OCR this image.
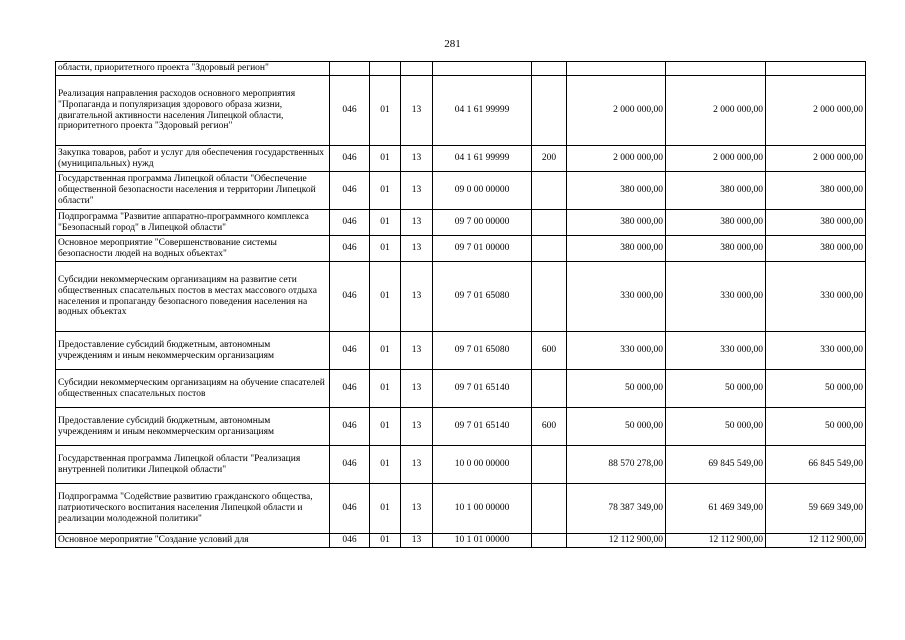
281
области, приоритетного проекта "Здоровый регион"								
Реализация направления расходов основного мероприятия "Пропаганда и популяризация здорового образа жизни, двигательной активности населения Липецкой области, приоритетного проекта "Здоровый регион"	046	01	13	04 1 61 99999		2 000 000,00	2 000 000,00	2 000 000,00
Закупка товаров, работ и услуг для обеспечения государственных (муниципальных) нужд	046	01	13	04 1 61 99999	200	2 000 000,00	2 000 000,00	2 000 000,00
Государственная программа Липецкой области "Обеспечение общественной безопасности населения и территории Липецкой области"	046	01	13	09 0 00 00000		380 000,00	380 000,00	380 000,00
Подпрограмма "Развитие аппаратно-программного комплекса "Безопасный город" в Липецкой области"	046	01	13	09 7 00 00000		380 000,00	380 000,00	380 000,00
Основное мероприятие "Совершенствование системы безопасности людей на водных объектах"	046	01	13	09 7 01 00000		380 000,00	380 000,00	380 000,00
Субсидии некоммерческим организациям на развитие сети общественных спасательных постов в местах массового отдыха населения и пропаганду безопасного поведения населения на водных объектах	046	01	13	09 7 01 65080		330 000,00	330 000,00	330 000,00
Предоставление субсидий бюджетным, автономным учреждениям и иным некоммерческим организациям	046	01	13	09 7 01 65080	600	330 000,00	330 000,00	330 000,00
Субсидии некоммерческим организациям на обучение спасателей общественных спасательных постов	046	01	13	09 7 01 65140		50 000,00	50 000,00	50 000,00
Предоставление субсидий бюджетным, автономным учреждениям и иным некоммерческим организациям	046	01	13	09 7 01 65140	600	50 000,00	50 000,00	50 000,00
Государственная программа Липецкой области "Реализация внутренней политики Липецкой области"	046	01	13	10 0 00 00000		88 570 278,00	69 845 549,00	66 845 549,00
Подпрограмма "Содействие развитию гражданского общества, патриотического воспитания населения Липецкой области и реализации молодежной политики"	046	01	13	10 1 00 00000		78 387 349,00	61 469 349,00	59 669 349,00
Основное мероприятие "Создание условий для	046	01	13	10 1 01 00000		12 112 900,00	12 112 900,00	12 112 900,00
